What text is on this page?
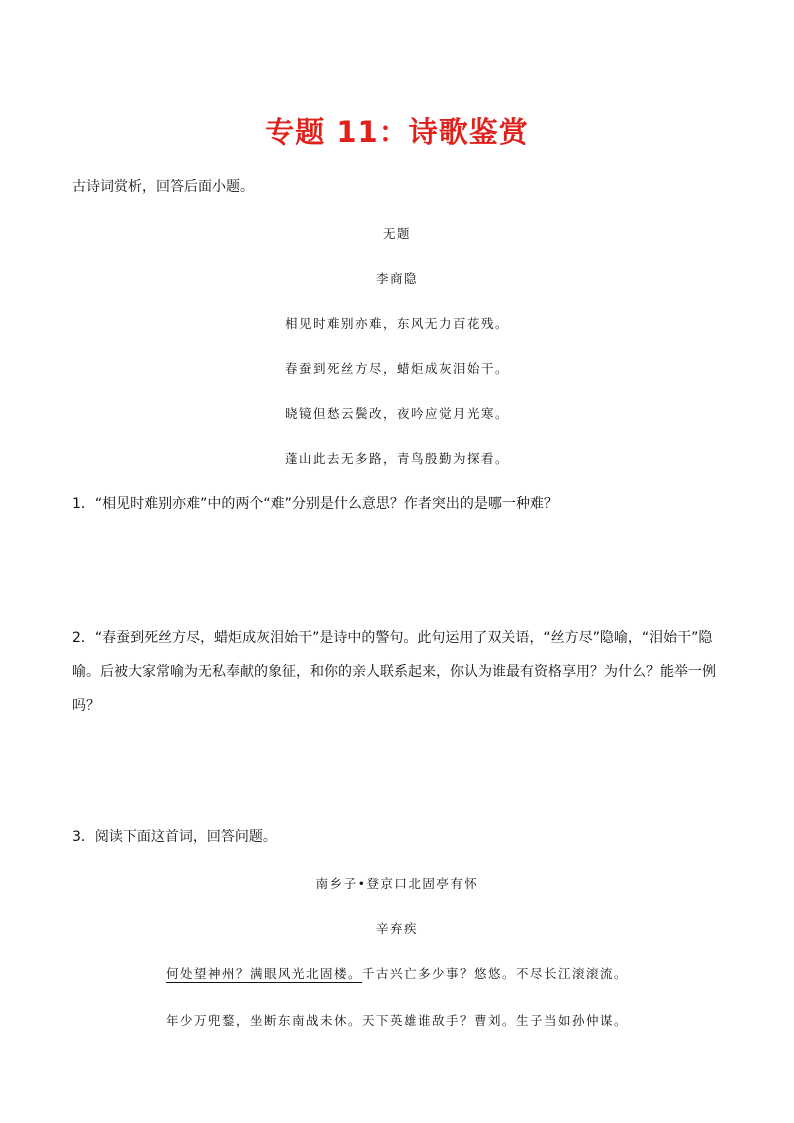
专题 11：诗歌鉴赏

古诗词赏析，回答后面小题。

无题

李商隐

相见时难别亦难，东风无力百花残。

春蚕到死丝方尽，蜡炬成灰泪始干。

晓镜但愁云鬓改，夜吟应觉月光寒。

蓬山此去无多路，青鸟殷勤为探看。

1．“相见时难别亦难”中的两个“难”分别是什么意思？作者突出的是哪一种难？

2．“春蚕到死丝方尽，蜡炬成灰泪始干”是诗中的警句。此句运用了双关语，“丝方尽”隐喻，“泪始干”隐喻。后被大家常喻为无私奉献的象征，和你的亲人联系起来，你认为谁最有资格享用？为什么？能举一例吗？

3．阅读下面这首词，回答问题。

南乡子•登京口北固亭有怀

辛弃疾

何处望神州？满眼风光北固楼。千古兴亡多少事？悠悠。不尽长江滚滚流。

年少万兜鍪，坐断东南战未休。天下英雄谁敌手？曹刘。生子当如孙仲谋。
